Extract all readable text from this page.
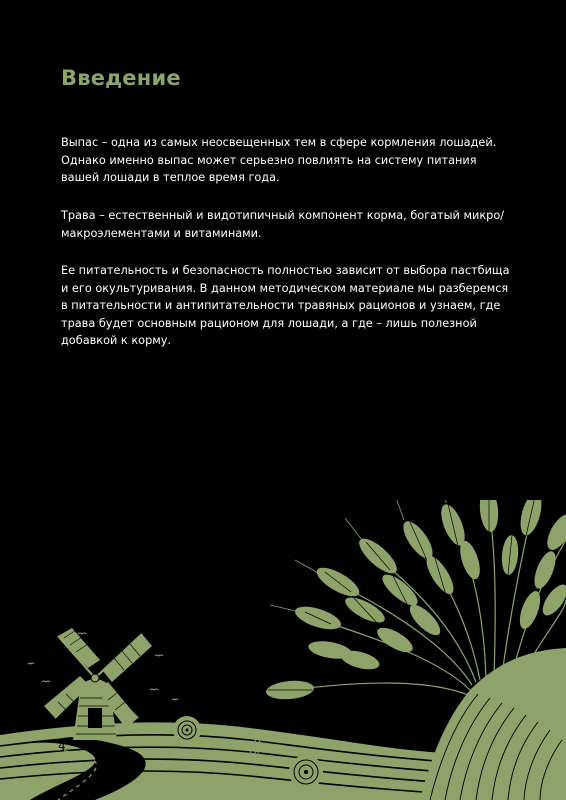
Введение

Выпас – одна из самых неосвещенных тем в сфере кормления лошадей. Однако именно выпас может серьезно повлиять на систему питания вашей лошади в теплое время года.

Трава – естественный и видотипичный компонент корма, богатый микро/макроэлементами и витаминами.

Ее питательность и безопасность полностью зависит от выбора пастбища и его окультуривания. В данном методическом материале мы разберемся в питательности и антипитательности травяных рационов и узнаем, где трава будет основным рационом для лошади, а где – лишь полезной добавкой к корму.

4
